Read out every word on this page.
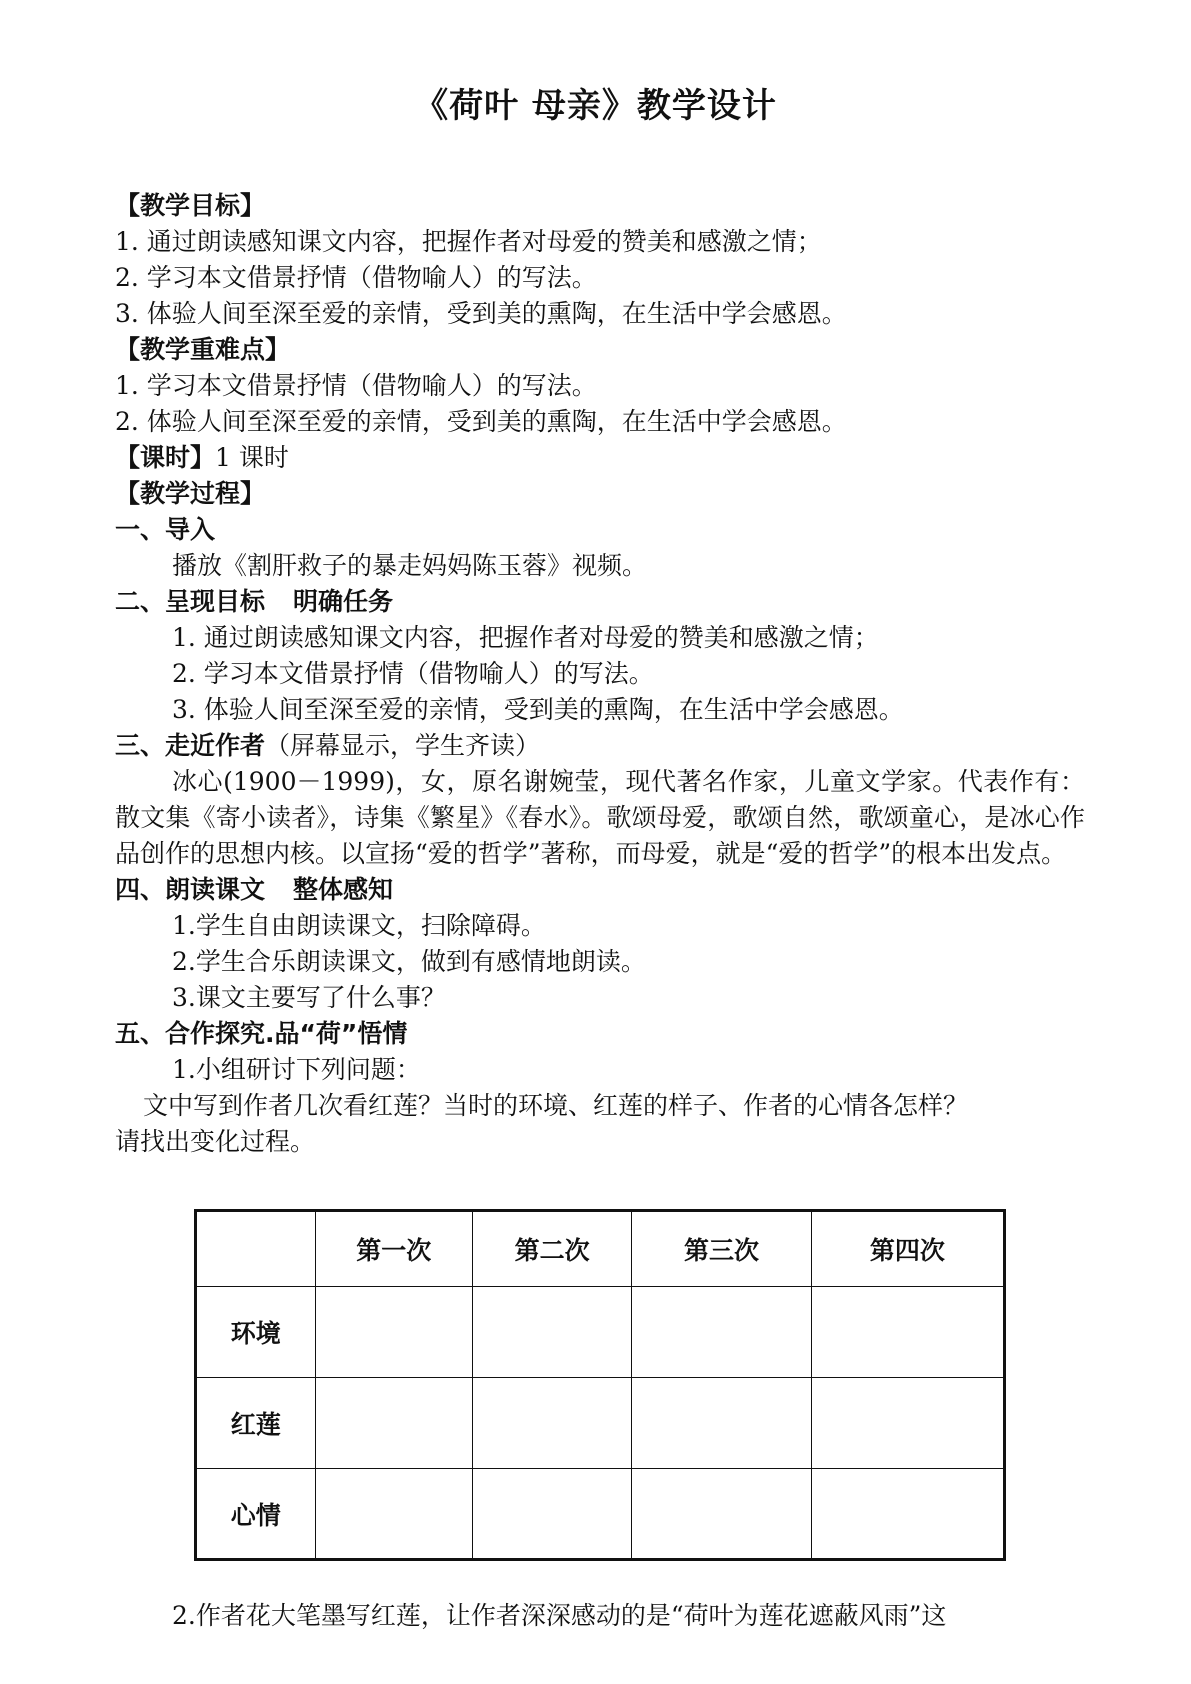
《荷叶 母亲》教学设计
【教学目标】
1. 通过朗读感知课文内容，把握作者对母爱的赞美和感激之情；
2. 学习本文借景抒情（借物喻人）的写法。
3. 体验人间至深至爱的亲情，受到美的熏陶，在生活中学会感恩。
【教学重难点】
1. 学习本文借景抒情（借物喻人）的写法。
2. 体验人间至深至爱的亲情，受到美的熏陶，在生活中学会感恩。
【课时】1 课时
【教学过程】
一、导入
播放《割肝救子的暴走妈妈陈玉蓉》视频。
二、呈现目标 明确任务
1. 通过朗读感知课文内容，把握作者对母爱的赞美和感激之情；
2. 学习本文借景抒情（借物喻人）的写法。
3. 体验人间至深至爱的亲情，受到美的熏陶，在生活中学会感恩。
三、走近作者（屏幕显示，学生齐读）
冰心(1900－1999)，女，原名谢婉莹，现代著名作家，儿童文学家。代表作有：散文集《寄小读者》，诗集《繁星》《春水》。歌颂母爱，歌颂自然，歌颂童心，是冰心作品创作的思想内核。以宣扬“爱的哲学”著称，而母爱，就是“爱的哲学”的根本出发点。
四、朗读课文 整体感知
1.学生自由朗读课文，扫除障碍。
2.学生合乐朗读课文，做到有感情地朗读。
3.课文主要写了什么事？
五、合作探究.品“荷”悟情
1.小组研讨下列问题：
文中写到作者几次看红莲？当时的环境、红莲的样子、作者的心情各怎样？
请找出变化过程。
	第一次	第二次	第三次	第四次
环境				
红莲				
心情				
2.作者花大笔墨写红莲，让作者深深感动的是“荷叶为莲花遮蔽风雨”这
